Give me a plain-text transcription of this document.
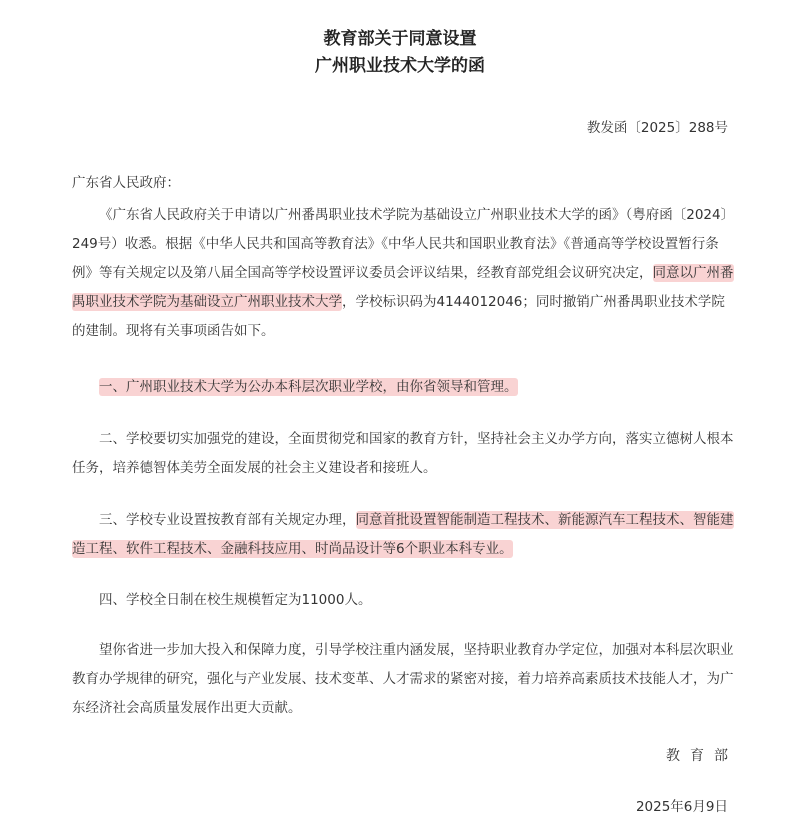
教育部关于同意设置
广州职业技术大学的函
教发函〔2025〕288号
广东省人民政府：

《广东省人民政府关于申请以广州番禺职业技术学院为基础设立广州职业技术大学的函》（粤府函〔2024〕249号）收悉。根据《中华人民共和国高等教育法》《中华人民共和国职业教育法》《普通高等学校设置暂行条例》等有关规定以及第八届全国高等学校设置评议委员会评议结果，经教育部党组会议研究决定，同意以广州番禺职业技术学院为基础设立广州职业技术大学，学校标识码为4144012046；同时撤销广州番禺职业技术学院的建制。现将有关事项函告如下。

一、广州职业技术大学为公办本科层次职业学校，由你省领导和管理。

二、学校要切实加强党的建设，全面贯彻党和国家的教育方针，坚持社会主义办学方向，落实立德树人根本任务，培养德智体美劳全面发展的社会主义建设者和接班人。

三、学校专业设置按教育部有关规定办理，同意首批设置智能制造工程技术、新能源汽车工程技术、智能建造工程、软件工程技术、金融科技应用、时尚品设计等6个职业本科专业。

四、学校全日制在校生规模暂定为11000人。

望你省进一步加大投入和保障力度，引导学校注重内涵发展，坚持职业教育办学定位，加强对本科层次职业教育办学规律的研究，强化与产业发展、技术变革、人才需求的紧密对接，着力培养高素质技术技能人才，为广东经济社会高质量发展作出更大贡献。

教育部
2025年6月9日
